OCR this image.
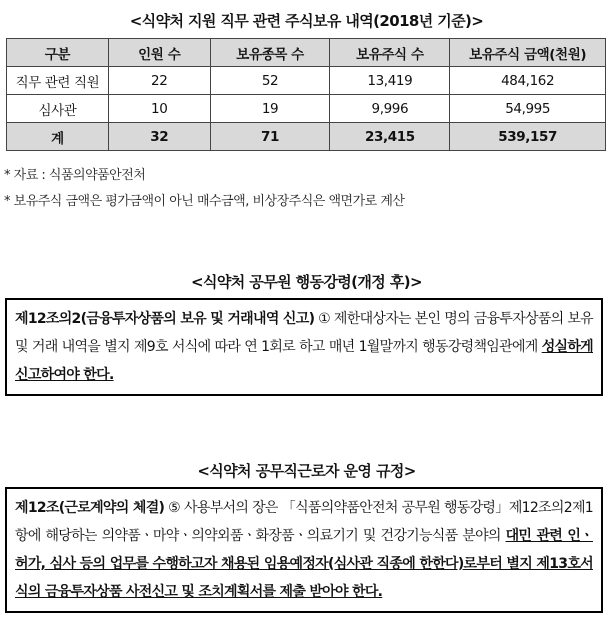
<식약처 지원 직무 관련 주식보유 내역(2018년 기준)>
구분	인원 수	보유종목 수	보유주식 수	보유주식 금액(천원)
직무 관련 직원	22	52	13,419	484,162
심사관	10	19	9,996	54,995
계	32	71	23,415	539,157
* 자료 : 식품의약품안전처
* 보유주식 금액은 평가금액이 아닌 매수금액, 비상장주식은 액면가로 계산
<식약처 공무원 행동강령(개정 후)>
제12조의2(금융투자상품의 보유 및 거래내역 신고) ① 제한대상자는 본인 명의 금융투자상품의 보유 및 거래 내역을 별지 제9호 서식에 따라 연 1회로 하고 매년 1월말까지 행동강령책임관에게 성실하게 신고하여야 한다.
<식약처 공무직근로자 운영 규정>
제12조(근로계약의 체결) ⑤ 사용부서의 장은 「식품의약품안전처 공무원 행동강령」제12조의2제1항에 해당하는 의약품ㆍ마약ㆍ의약외품ㆍ화장품ㆍ의료기기 및 건강기능식품 분야의 대민 관련 인ㆍ허가, 심사 등의 업무를 수행하고자 채용된 임용예정자(심사관 직종에 한한다)로부터 별지 제13호서식의 금융투자상품 사전신고 및 조치계획서를 제출 받아야 한다.
